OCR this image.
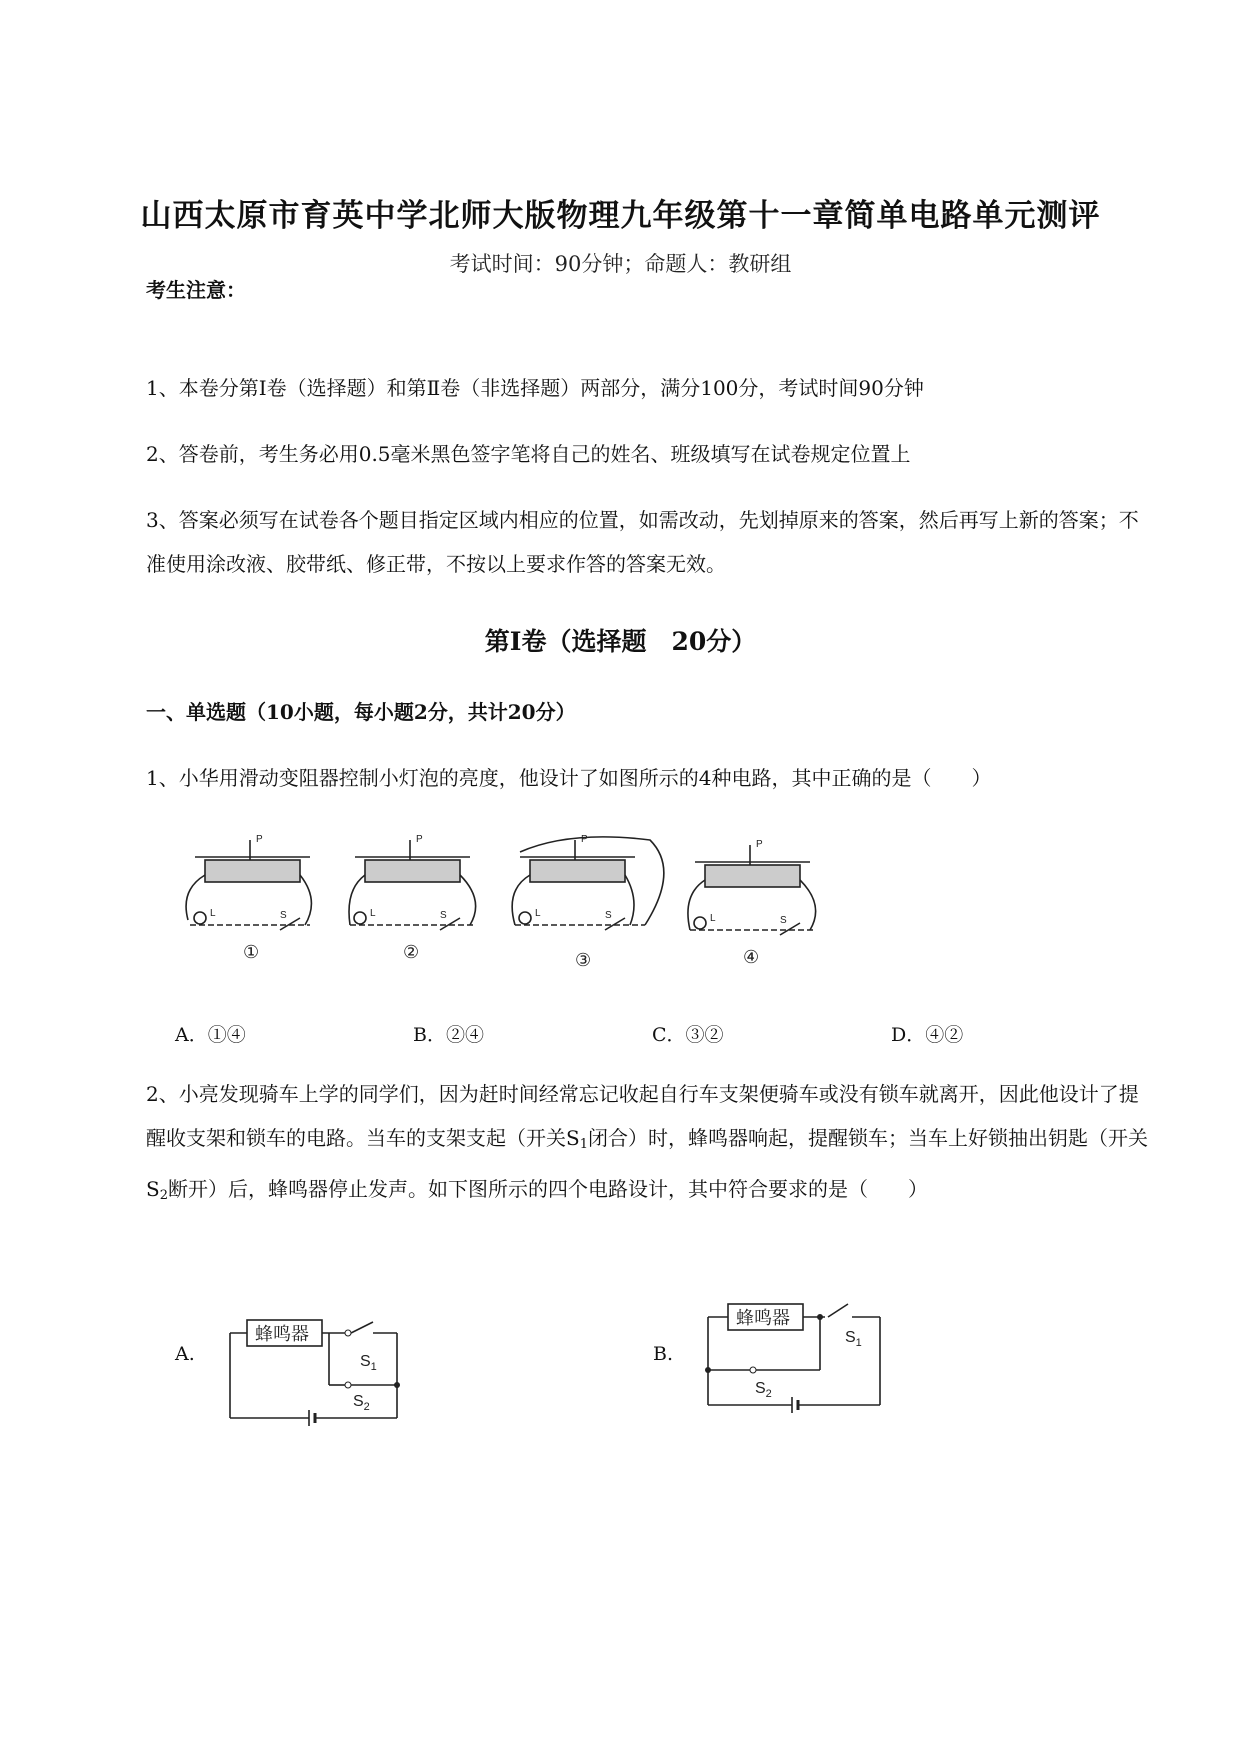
山西太原市育英中学北师大版物理九年级第十一章简单电路单元测评
考试时间：90分钟；命题人：教研组
考生注意：
1、本卷分第Ⅰ卷（选择题）和第Ⅱ卷（非选择题）两部分，满分100分，考试时间90分钟
2、答卷前，考生务必用0.5毫米黑色签字笔将自己的姓名、班级填写在试卷规定位置上
3、答案必须写在试卷各个题目指定区域内相应的位置，如需改动，先划掉原来的答案，然后再写上新的答案；不准使用涂改液、胶带纸、修正带，不按以上要求作答的答案无效。
第Ⅰ卷（选择题　20分）
一、单选题（10小题，每小题2分，共计20分）
1、小华用滑动变阻器控制小灯泡的亮度，他设计了如图所示的4种电路，其中正确的是（　　）
P
L	S
①
P
L	S
②
P
L	S
③
P
L	S
④
A．①④	B．②④	C．③②	D．④②
2、小亮发现骑车上学的同学们，因为赶时间经常忘记收起自行车支架便骑车或没有锁车就离开，因此他设计了提醒收支架和锁车的电路。当车的支架支起（开关$S_1$闭合）时，蜂鸣器响起，提醒锁车；当车上好锁抽出钥匙（开关$S_2$断开）后，蜂鸣器停止发声。如下图所示的四个电路设计，其中符合要求的是（　　）
A.
蜂鸣器
$S_1$
$S_2$
B.
蜂鸣器
$S_1$
$S_2$
